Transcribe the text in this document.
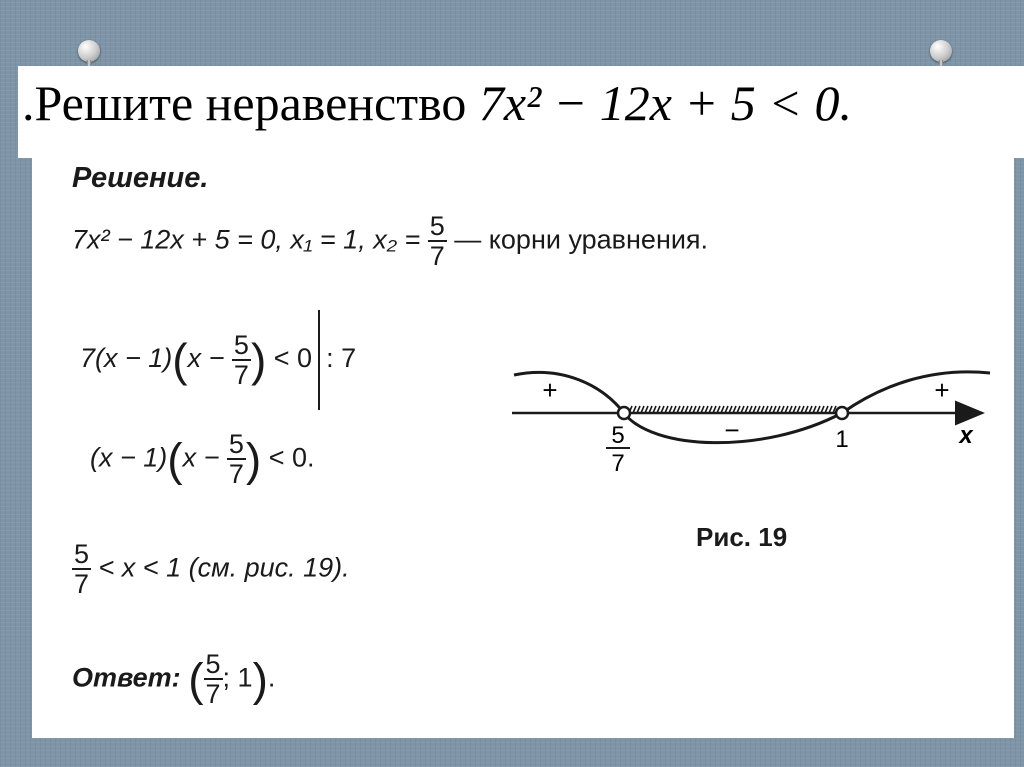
.Решите неравенство 7x² − 12x + 5 < 0.
Решение.
7x² − 12x + 5 = 0, x₁ = 1, $x_2 = \frac{5}{7}$ — корни уравнения.
$7(x - 1)(x - \frac{5}{7}$ ) < 0 : 7
$(x - 1)(x - \frac{5}{7}$ ) < 0.
$\frac{5}{7} < x < 1$ (см. рис. 19).
Ответ: ( $\frac{5}{7}$ ; 1).
+
−
+
5
7
1	x
Рис. 19
